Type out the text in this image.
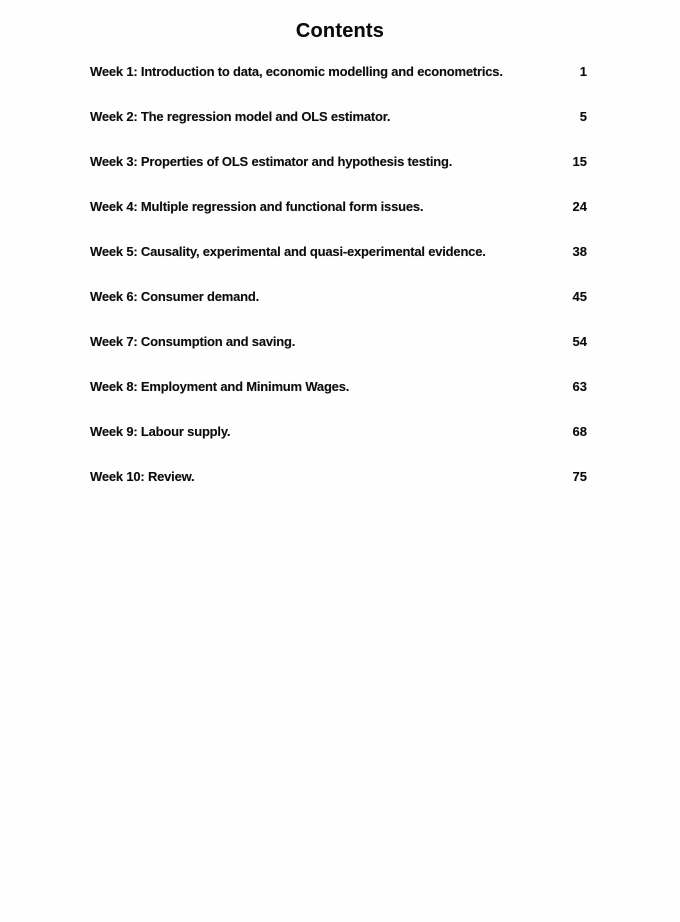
Contents
Week 1: Introduction to data, economic modelling and econometrics.	1
Week 2: The regression model and OLS estimator.	5
Week 3: Properties of OLS estimator and hypothesis testing.	15
Week 4: Multiple regression and functional form issues.	24
Week 5: Causality, experimental and quasi-experimental evidence.	38
Week 6: Consumer demand.	45
Week 7: Consumption and saving.	54
Week 8: Employment and Minimum Wages.	63
Week 9: Labour supply.	68
Week 10: Review.	75
